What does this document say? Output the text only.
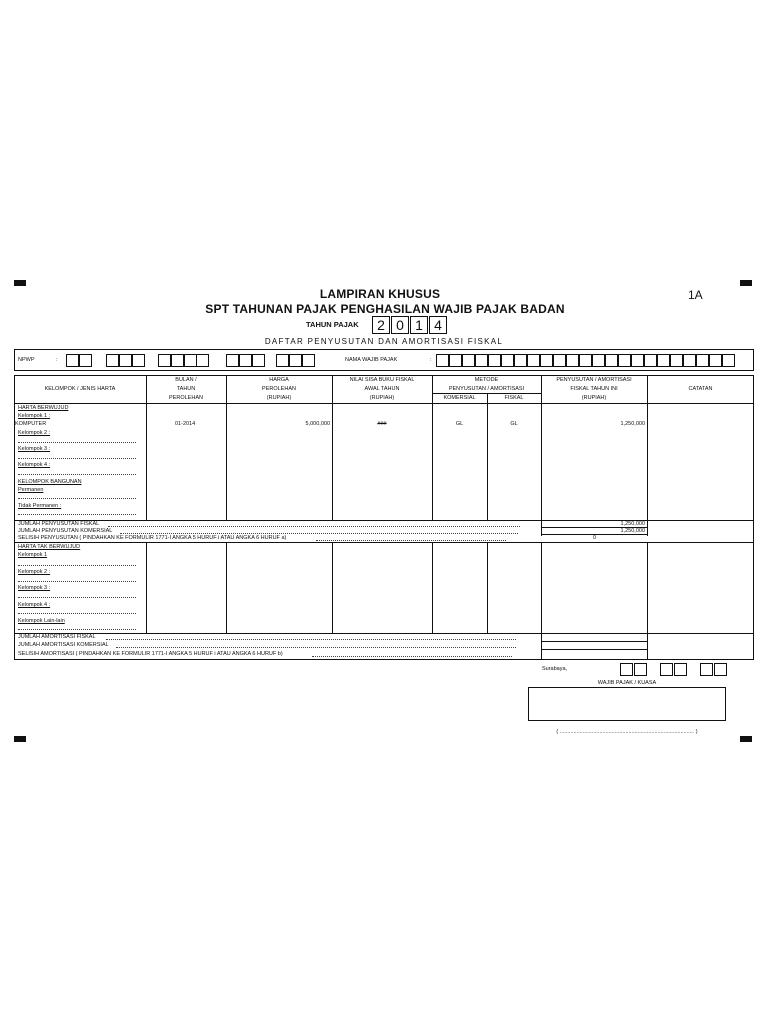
LAMPIRAN KHUSUS
SPT TAHUNAN PAJAK PENGHASILAN WAJIB PAJAK BADAN
1A
TAHUN PAJAK	2 0 1 4
DAFTAR PENYUSUTAN DAN AMORTISASI FISKAL
NPWP	:	NAMA WAJIB PAJAK	:
KELOMPOK / JENIS HARTA
BULAN /
TAHUN
PEROLEHAN
HARGA
PEROLEHAN
(RUPIAH)
NILAI SISA BUKU FISKAL
AWAL TAHUN
(RUPIAH)
METODE
PENYUSUTAN / AMORTISASI
KOMERSIAL	FISKAL
PENYUSUTAN / AMORTISASI
FISKAL TAHUN INI
(RUPIAH)
CATATAN
HARTA BERWUJUD
Kelompok 1 :
KOMPUTER	01-2014	5,000,000	###	GL	GL	1,250,000
Kelompok 2 :
Kelompok 3 :
Kelompok 4 :
KELOMPOK BANGUNAN
Permanen
Tidak Permanen :
JUMLAH PENYUSUTAN FISKAL	1,250,000
JUMLAH PENYUSUTAN KOMERSIAL	1,250,000
SELISIH PENYUSUTAN ( PINDAHKAN KE FORMULIR 1771-I ANGKA 5 HURUF i ATAU ANGKA 6 HURUF a)	0
HARTA TAK BERWUJUD
Kelompok 1
Kelompok 2 :
Kelompok 3 :
Kelompok 4 :
Kelompok Lain-lain
JUMLAH AMORTISASI FISKAL
JUMLAH AMORTISASI KOMERSIAL
SELISIH AMORTISASI ( PINDAHKAN KE FORMULIR 1771-I ANGKA 5 HURUF i ATAU ANGKA 6 HURUF b)
Surabaya,
WAJIB PAJAK / KUASA
( ........................................................................................ )
